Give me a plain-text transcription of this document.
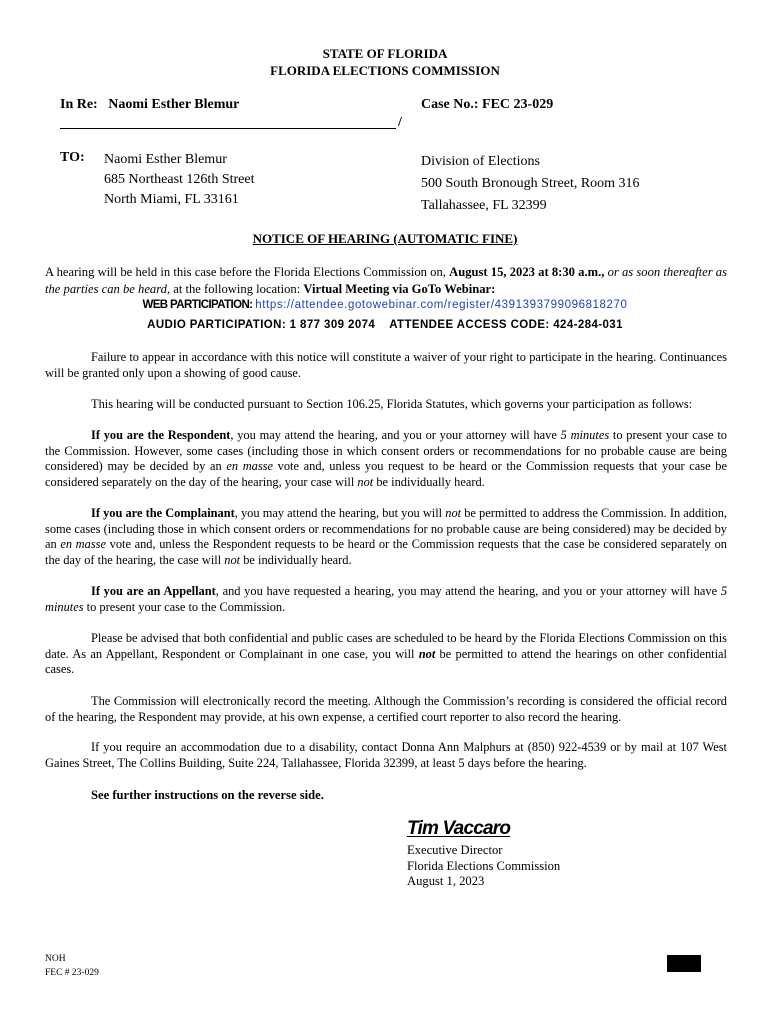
STATE OF FLORIDA
FLORIDA ELECTIONS COMMISSION
In Re:   Naomi Esther Blemur	Case No.: FEC 23-029
/
TO: Naomi Esther Blemur
685 Northeast 126th Street
North Miami, FL 33161
Division of Elections
500 South Bronough Street, Room 316
Tallahassee, FL 32399
NOTICE OF HEARING (AUTOMATIC FINE)
A hearing will be held in this case before the Florida Elections Commission on, August 15, 2023 at 8:30 a.m., or as soon thereafter as the parties can be heard, at the following location: Virtual Meeting via GoTo Webinar:
WEB PARTICIPATION: https://attendee.gotowebinar.com/register/4391393799096818270
AUDIO PARTICIPATION: 1 877 309 2074 ATTENDEE ACCESS CODE: 424-284-031
Failure to appear in accordance with this notice will constitute a waiver of your right to participate in the hearing. Continuances will be granted only upon a showing of good cause.
This hearing will be conducted pursuant to Section 106.25, Florida Statutes, which governs your participation as follows:
If you are the Respondent, you may attend the hearing, and you or your attorney will have 5 minutes to present your case to the Commission. However, some cases (including those in which consent orders or recommendations for no probable cause are being considered) may be decided by an en masse vote and, unless you request to be heard or the Commission requests that your case be considered separately on the day of the hearing, your case will not be individually heard.
If you are the Complainant, you may attend the hearing, but you will not be permitted to address the Commission. In addition, some cases (including those in which consent orders or recommendations for no probable cause are being considered) may be decided by an en masse vote and, unless the Respondent requests to be heard or the Commission requests that the case be considered separately on the day of the hearing, the case will not be individually heard.
If you are an Appellant, and you have requested a hearing, you may attend the hearing, and you or your attorney will have 5 minutes to present your case to the Commission.
Please be advised that both confidential and public cases are scheduled to be heard by the Florida Elections Commission on this date. As an Appellant, Respondent or Complainant in one case, you will not be permitted to attend the hearings on other confidential cases.
The Commission will electronically record the meeting. Although the Commission’s recording is considered the official record of the hearing, the Respondent may provide, at his own expense, a certified court reporter to also record the hearing.
If you require an accommodation due to a disability, contact Donna Ann Malphurs at (850) 922-4539 or by mail at 107 West Gaines Street, The Collins Building, Suite 224, Tallahassee, Florida 32399, at least 5 days before the hearing.
See further instructions on the reverse side.
Tim Vaccaro
Executive Director
Florida Elections Commission
August 1, 2023
NOH
FEC # 23-029
